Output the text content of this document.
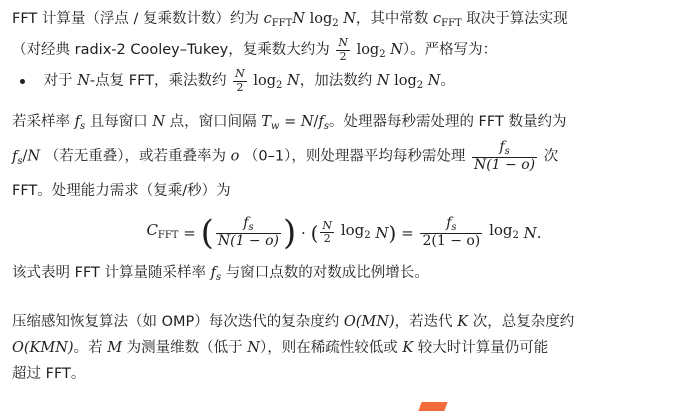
FFT 计算量（浮点 / 复乘数计数）约为 $c_{FFT}N$ $\log_2 N$，其中常数 $c_{FFT}$ 取决于算法实现
（对经典 radix-2 Cooley–Tukey，复乘数大约为 $\frac{N}{2} \log_2 N$）。严格写为：
对于 N-点复 FFT，乘法数约 $\frac{N}{2} \log_2 N$，加法数约 N $\log_2 N$。
若采样率 $f_s$ 且每窗口 N 点，窗口间隔 $T_w = N/f_s$。处理器每秒需处理的 FFT 数量约为
$f_s/N$ （若无重叠），或若重叠率为 o （0–1），则处理器平均每秒需处理 $\frac{f_s}{N(1 - o)}$ 次
FFT。处理能力需求（复乘/秒）为
$C_{FFT}$ = ( $\frac{f_s}{N(1 - o)}$ ) · ( $\frac{N}{2} \log_2 N) = \frac{f_s}{2(1 - o)} \log_2 N$.
该式表明 FFT 计算量随采样率 $f_s$ 与窗口点数的对数成比例增长。
压缩感知恢复算法（如 OMP）每次迭代的复杂度约 O(MN)，若迭代 K 次，总复杂度约
O(KMN)。若 M 为测量维数（低于 N），则在稀疏性较低或 K 较大时计算量仍可能
超过 FFT。
